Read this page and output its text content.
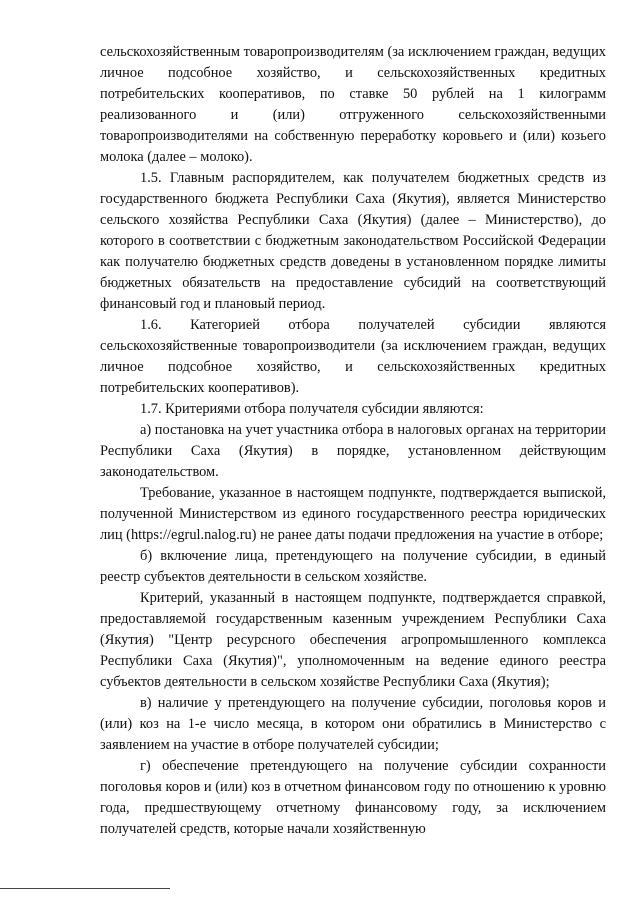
сельскохозяйственным товаропроизводителям (за исключением граждан, ведущих личное подсобное хозяйство, и сельскохозяйственных кредитных потребительских кооперативов, по ставке 50 рублей на 1 килограмм реализованного и (или) отгруженного сельскохозяйственными товаропроизводителями на собственную переработку коровьего и (или) козьего молока (далее – молоко).

1.5. Главным распорядителем, как получателем бюджетных средств из государственного бюджета Республики Саха (Якутия), является Министерство сельского хозяйства Республики Саха (Якутия) (далее – Министерство), до которого в соответствии с бюджетным законодательством Российской Федерации как получателю бюджетных средств доведены в установленном порядке лимиты бюджетных обязательств на предоставление субсидий на соответствующий финансовый год и плановый период.

1.6. Категорией отбора получателей субсидии являются сельскохозяйственные товаропроизводители (за исключением граждан, ведущих личное подсобное хозяйство, и сельскохозяйственных кредитных потребительских кооперативов).

1.7. Критериями отбора получателя субсидии являются:

а) постановка на учет участника отбора в налоговых органах на территории Республики Саха (Якутия) в порядке, установленном действующим законодательством.

Требование, указанное в настоящем подпункте, подтверждается выпиской, полученной Министерством из единого государственного реестра юридических лиц (https://egrul.nalog.ru) не ранее даты подачи предложения на участие в отборе;

б) включение лица, претендующего на получение субсидии, в единый реестр субъектов деятельности в сельском хозяйстве.

Критерий, указанный в настоящем подпункте, подтверждается справкой, предоставляемой государственным казенным учреждением Республики Саха (Якутия) "Центр ресурсного обеспечения агропромышленного комплекса Республики Саха (Якутия)", уполномоченным на ведение единого реестра субъектов деятельности в сельском хозяйстве Республики Саха (Якутия);

в) наличие у претендующего на получение субсидии, поголовья коров и (или) коз на 1-е число месяца, в котором они обратились в Министерство с заявлением на участие в отборе получателей субсидии;

г) обеспечение претендующего на получение субсидии сохранности поголовья коров и (или) коз в отчетном финансовом году по отношению к уровню года, предшествующему отчетному финансовому году, за исключением получателей средств, которые начали хозяйственную
